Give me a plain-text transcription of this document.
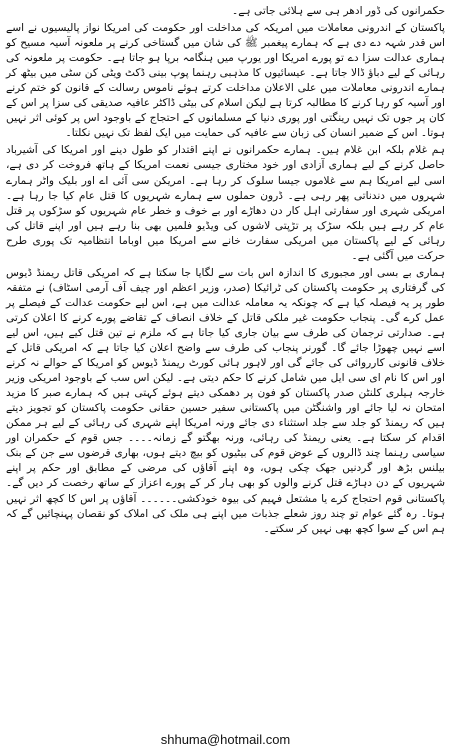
حکمرانوں کی ڈور ادھر ہی سے ہلائی جاتی ہے۔

پاکستان کے اندرونی معاملات میں امریکہ کی مداخلت اور حکومت کی امریکا نواز پالیسیوں نے اسے اس قدر شہہ دے دی ہے کہ ہمارے پیغمبر ﷺ کی شان میں گستاخی کرنے پر ملعونہ آسیہ مسیح کو ہماری عدالت سزا دے تو پورے امریکا اور یورپ میں ہنگامہ برپا ہو جاتا ہے۔ حکومت پر ملعونہ کی رہائی کے لیے دباؤ ڈالا جاتا ہے۔ عیسائیوں کا مذہبی رہنما پوپ بینی ڈکٹ ویٹی کن سٹی میں بیٹھ کر ہمارے اندرونی معاملات میں علی الاعلان مداخلت کرتے ہوئے ناموس رسالت کے قانون کو ختم کرنے اور آسیہ کو رہا کرنے کا مطالبہ کرتا ہے لیکن اسلام کی بیٹی ڈاکٹر عافیہ صدیقی کی سزا پر اس کے کان پر جوں تک نہیں رینگتی اور پوری دنیا کے مسلمانوں کے احتجاج کے باوجود اس پر کوئی اثر نہیں ہوتا۔ اس کے ضمیر انسان کی زبان سے عافیہ کی حمایت میں ایک لفظ تک نہیں نکلتا۔

ہم غلام بلکہ ابن غلام ہیں۔ ہمارے حکمرانوں نے اپنے اقتدار کو طول دینے اور امریکا کی آشیرباد حاصل کرنے کے لیے ہماری آزادی اور خود مختاری جیسی نعمت امریکا کے ہاتھ فروخت کر دی ہے، اسی لیے امریکا ہم سے غلاموں جیسا سلوک کر رہا ہے۔ امریکن سی آئی اے اور بلیک واٹر ہمارے شہروں میں دندناتی پھر رہی ہے۔ ڈرون حملوں سے ہمارے شہریوں کا قتل عام کیا جا رہا ہے۔ امریکی شہری اور سفارتی اہل کار دن دھاڑے اور بے خوف و خطر عام شہریوں کو سڑکوں پر قتل عام کر رہے ہیں بلکہ سڑک پر تڑپتی لاشوں کی ویڈیو فلمیں بھی بنا رہے ہیں اور اپنے قاتل کی رہائی کے لیے پاکستان میں امریکی سفارت خانے سے امریکا میں اوباما انتظامیہ تک پوری طرح حرکت میں آگئی ہے۔

ہماری بے بسی اور مجبوری کا اندازہ اس بات سے لگایا جا سکتا ہے کہ امریکی قاتل ریمنڈ ڈیوس کی گرفتاری پر حکومت پاکستان کی ٹرائیکا (صدر، وزیر اعظم اور چیف آف آرمی اسٹاف) نے متفقہ طور پر یہ فیصلہ کیا ہے کہ چونکہ یہ معاملہ عدالت میں ہے، اس لیے حکومت عدالت کے فیصلے پر عمل کرے گی۔ پنجاب حکومت غیر ملکی قاتل کے خلاف انصاف کے تقاضے پورے کرنے کا اعلان کرتی ہے۔ صدارتی ترجمان کی طرف سے بیان جاری کیا جاتا ہے کہ ملزم نے تین قتل کیے ہیں، اس لیے اسے نہیں چھوڑا جائے گا۔ گورنر پنجاب کی طرف سے واضح اعلان کیا جاتا ہے کہ امریکی قاتل کے خلاف قانونی کارروائی کی جائے گی اور لاہور ہائی کورٹ ریمنڈ ڈیوس کو امریکا کے حوالے نہ کرنے اور اس کا نام ای سی ایل میں شامل کرنے کا حکم دیتی ہے۔ لیکن اس سب کے باوجود امریکی وزیر خارجہ ہیلری کلنٹن صدر پاکستان کو فون پر دھمکی دیتے ہوئے کہتی ہیں کہ ہمارے صبر کا مزید امتحان نہ لیا جائے اور واشنگٹن میں پاکستانی سفیر حسین حقانی حکومت پاکستان کو تجویز دیتے ہیں کہ ریمنڈ کو جلد سے جلد استثناء دی جائے ورنہ امریکا اپنے شہری کی رہائی کے لیے ہر ممکن اقدام کر سکتا ہے۔ یعنی ریمنڈ کی رہائی، ورنہ بھگتو گے زمانہ۔۔۔۔ جس قوم کے حکمران اور سیاسی رہنما چند ڈالروں کے عوض قوم کی بیٹیوں کو بیچ دیتے ہوں، بھاری قرضوں سے جن کے بنک بیلنس بڑھ اور گردنیں جھک چکی ہوں، وہ اپنے آقاؤں کی مرضی کے مطابق اور حکم پر اپنے شہریوں کے دن دہاڑے قتل کرنے والوں کو بھی ہار کر کے پورے اعزاز کے ساتھ رخصت کر دیں گے۔ پاکستانی قوم احتجاج کرے یا مشتعل فہیم کی بیوہ خودکشی۔۔۔۔۔۔ آقاؤں پر اس کا کچھ اثر نہیں ہوتا۔ رہ گئے عوام تو چند روز شعلے جذبات میں اپنے ہی ملک کی املاک کو نقصان پہنچائیں گے کہ ہم اس کے سوا کچھ بھی نہیں کر سکتے۔

shhuma@hotmail.com
